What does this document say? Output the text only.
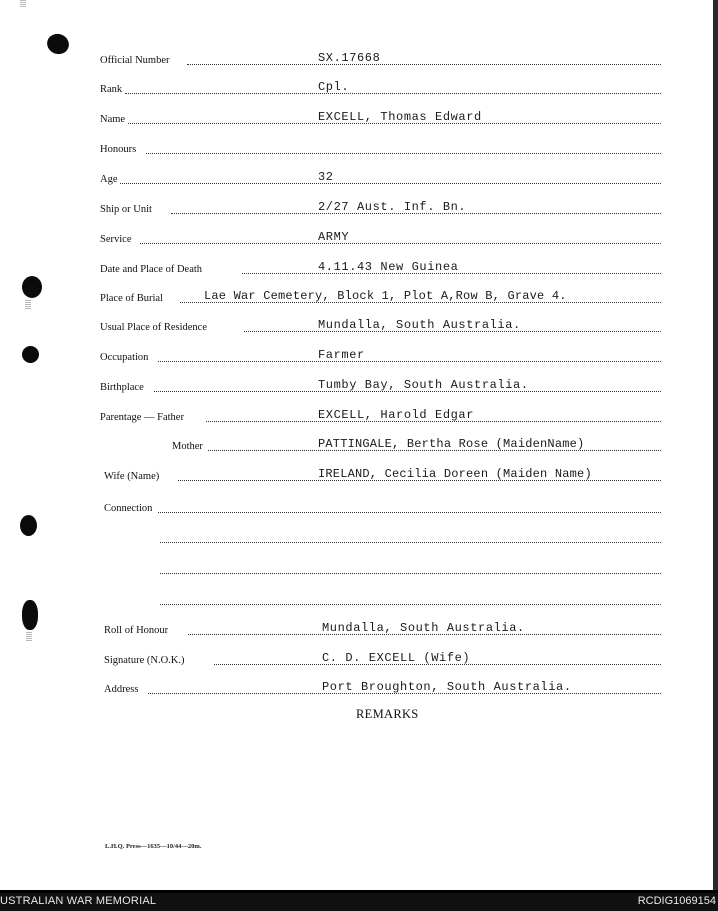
Official Number	SX.17668
Rank	Cpl.
Name	EXCELL, Thomas Edward
Honours
Age	32
Ship or Unit	2/27 Aust. Inf. Bn.
Service	ARMY
Date and Place of Death	4.11.43 New Guinea
Place of Burial	Lae War Cemetery, Block 1, Plot A,Row B, Grave 4.
Usual Place of Residence	Mundalla, South Australia.
Occupation	Farmer
Birthplace	Tumby Bay, South Australia.
Parentage — Father	EXCELL, Harold Edgar
Mother	PATTINGALE, Bertha Rose (MaidenName)
Wife (Name)	IRELAND, Cecilia Doreen (Maiden Name)
Connection
Roll of Honour	Mundalla, South Australia.
Signature (N.O.K.)	C. D. EXCELL (Wife)
Address	Port Broughton, South Australia.
REMARKS
L.H.Q. Press—1635—10/44—20m.
USTRALIAN WAR MEMORIAL	RCDIG1069154
